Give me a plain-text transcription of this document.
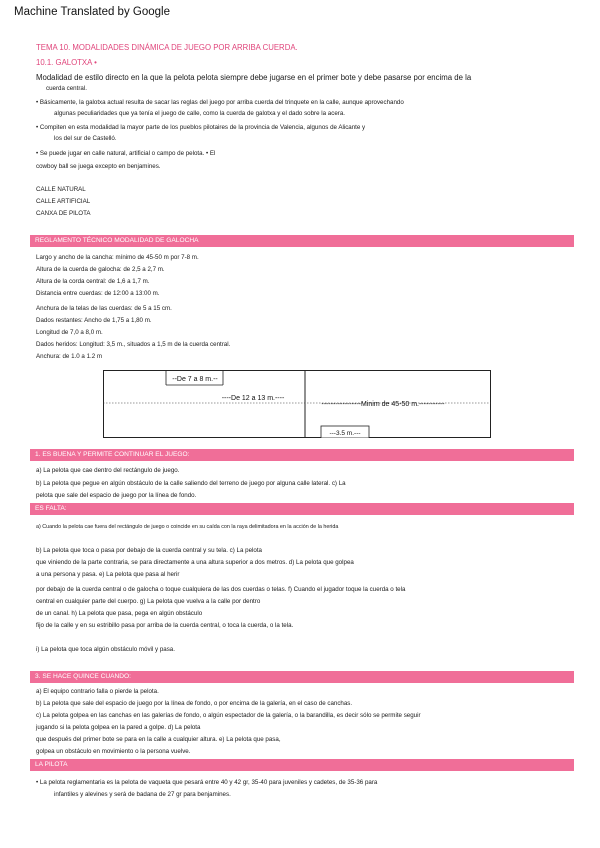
Machine Translated by Google
TEMA 10. MODALIDADES DINÁMICA DE JUEGO POR ARRIBA CUERDA.
10.1. GALOTXA •
Modalidad de estilo directo en la que la pelota pelota siempre debe jugarse en el primer bote y debe pasarse por encima de la
cuerda central.
• Básicamente, la galotxa actual resulta de sacar las reglas del juego por arriba cuerda del trinquete en la calle, aunque aprovechando
algunas peculiaridades que ya tenía el juego de calle, como la cuerda de galotxa y el dado sobre la acera.
• Compiten en esta modalidad la mayor parte de los pueblos pilotaires de la provincia de Valencia, algunos de Alicante y
los del sur de Castelló.
• Se puede jugar en calle natural, artificial o campo de pelota. • El
cowboy ball se juega excepto en benjamines.
CALLE NATURAL
CALLE ARTIFICIAL
CANXA DE PILOTA
REGLAMENTO TÉCNICO MODALIDAD DE GALOCHA
Largo y ancho de la cancha: mínimo de 45-50 m por 7-8 m.
Altura de la cuerda de galocha: de 2,5 a 2,7 m.
Altura de la corda central: de 1,6 a 1,7 m.
Distancia entre cuerdas: de 12:00 a 13:00 m.
Anchura de la telas de las cuerdas: de 5 a 15 cm.
Dados restantes: Ancho de 1,75 a 1,80 m.
Longitud de 7,0 a 8,0 m.
Dados heridos: Longitud: 3,5 m., situados a 1,5 m de la cuerda central.
Anchura: de 1.0 a 1.2 m
--De 7 a 8 m.--
----De 12 a 13 m.----
-----------------Minim de 45-50 m.-----------
---3.5 m.---
1. ES BUENA Y PERMITE CONTINUAR EL JUEGO:
a) La pelota que cae dentro del rectángulo de juego.
b) La pelota que pegue en algún obstáculo de la calle saliendo del terreno de juego por alguna calle lateral. c) La
pelota que sale del espacio de juego por la línea de fondo.
ES FALTA:
a) Cuando la pelota cae fuera del rectángulo de juego o coincide en su caída con la raya delimitadora en la acción de la herida
b) La pelota que toca o pasa por debajo de la cuerda central y su tela. c) La pelota
que viniendo de la parte contraria, se para directamente a una altura superior a dos metros. d) La pelota que golpea
a una persona y pasa. e) La pelota que pasa al herir
por debajo de la cuerda central o de galocha o toque cualquiera de las dos cuerdas o telas. f) Cuando el jugador toque la cuerda o tela
central en cualquier parte del cuerpo. g) La pelota que vuelva a la calle por dentro
de un canal. h) La pelota que pasa, pega en algún obstáculo
fijo de la calle y en su estribillo pasa por arriba de la cuerda central, o toca la cuerda, o la tela.
i) La pelota que toca algún obstáculo móvil y pasa.
3. SE HACE QUINCE CUANDO:
a) El equipo contrario falla o pierde la pelota.
b) La pelota que sale del espacio de juego por la línea de fondo, o por encima de la galería, en el caso de canchas.
c) La pelota golpea en las canchas en las galerías de fondo, o algún espectador de la galería, o la barandilla, es decir sólo se permite seguir
jugando si la pelota golpea en la pared a golpe. d) La pelota
que después del primer bote se para en la calle a cualquier altura. e) La pelota que pasa,
golpea un obstáculo en movimiento o la persona vuelve.
LA PILOTA
• La pelota reglamentaria es la pelota de vaqueta que pesará entre 40 y 42 gr, 35-40 para juveniles y cadetes, de 35-36 para
infantiles y alevines y será de badana de 27 gr para benjamines.
